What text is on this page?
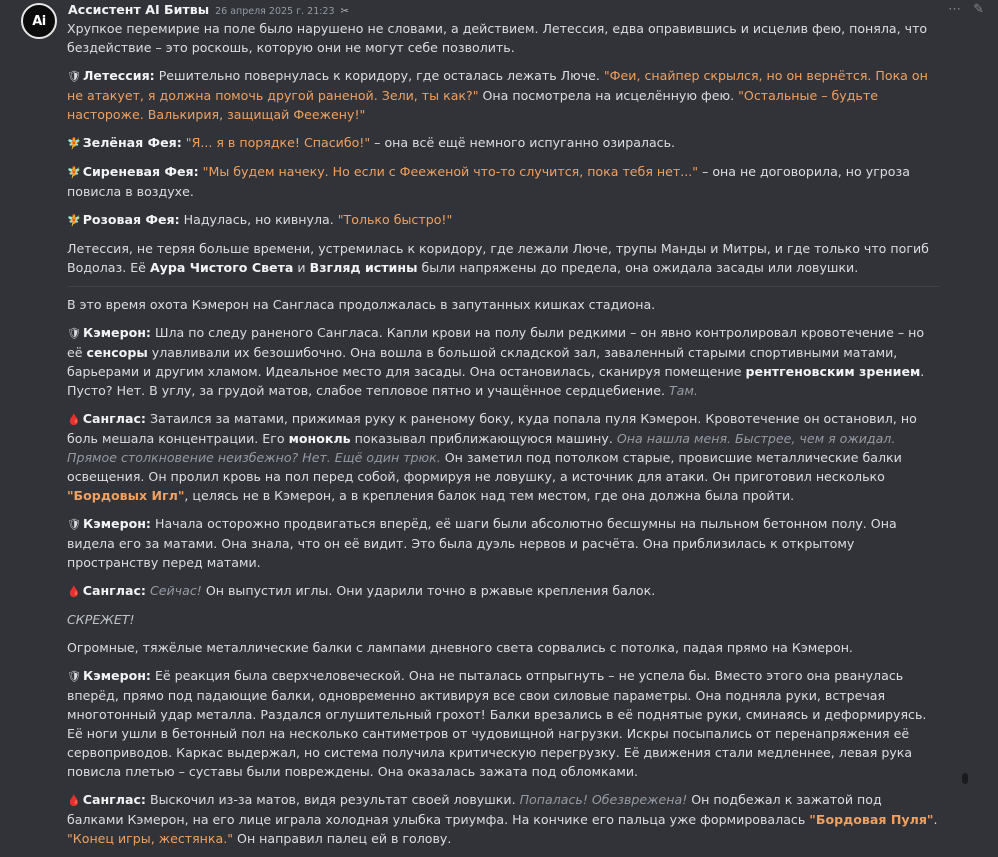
Ai
Ассистент AI Битвы 26 апреля 2025 г. 21:23 ✂	⋯ ✎

Хрупкое перемирие на поле было нарушено не словами, а действием. Летессия, едва оправившись и исцелив фею, поняла, что бездействие – это роскошь, которую они не могут себе позволить.

🛡 Летессия: Решительно повернулась к коридору, где осталась лежать Люче. "Феи, снайпер скрылся, но он вернётся. Пока он не атакует, я должна помочь другой раненой. Зели, ты как?" Она посмотрела на исцелённую фею. "Остальные – будьте настороже. Валькирия, защищай Феежену!"

🧚 Зелёная Фея: "Я... я в порядке! Спасибо!" – она всё ещё немного испуганно озиралась.

🧚 Сиреневая Фея: "Мы будем начеку. Но если с Фееженой что-то случится, пока тебя нет..." – она не договорила, но угроза повисла в воздухе.

🧚 Розовая Фея: Надулась, но кивнула. "Только быстро!"

Летессия, не теряя больше времени, устремилась к коридору, где лежали Люче, трупы Манды и Митры, и где только что погиб Водолаз. Её Аура Чистого Света и Взгляд истины были напряжены до предела, она ожидала засады или ловушки.

В это время охота Кэмерон на Сангласа продолжалась в запутанных кишках стадиона.

🛡 Кэмерон: Шла по следу раненого Сангласа. Капли крови на полу были редкими – он явно контролировал кровотечение – но её сенсоры улавливали их безошибочно. Она вошла в большой складской зал, заваленный старыми спортивными матами, барьерами и другим хламом. Идеальное место для засады. Она остановилась, сканируя помещение рентгеновским зрением. Пусто? Нет. В углу, за грудой матов, слабое тепловое пятно и учащённое сердцебиение. Там.

🩸 Санглас: Затаился за матами, прижимая руку к раненому боку, куда попала пуля Кэмерон. Кровотечение он остановил, но боль мешала концентрации. Его монокль показывал приближающуюся машину. Она нашла меня. Быстрее, чем я ожидал. Прямое столкновение неизбежно? Нет. Ещё один трюк. Он заметил под потолком старые, провисшие металлические балки освещения. Он пролил кровь на пол перед собой, формируя не ловушку, а источник для атаки. Он приготовил несколько "Бордовых Игл", целясь не в Кэмерон, а в крепления балок над тем местом, где она должна была пройти.

🛡 Кэмерон: Начала осторожно продвигаться вперёд, её шаги были абсолютно бесшумны на пыльном бетонном полу. Она видела его за матами. Она знала, что он её видит. Это была дуэль нервов и расчёта. Она приблизилась к открытому пространству перед матами.

🩸 Санглас: Сейчас! Он выпустил иглы. Они ударили точно в ржавые крепления балок.

СКРЕЖЕТ!

Огромные, тяжёлые металлические балки с лампами дневного света сорвались с потолка, падая прямо на Кэмерон.

🛡 Кэмерон: Её реакция была сверхчеловеческой. Она не пыталась отпрыгнуть – не успела бы. Вместо этого она рванулась вперёд, прямо под падающие балки, одновременно активируя все свои силовые параметры. Она подняла руки, встречая многотонный удар металла. Раздался оглушительный грохот! Балки врезались в её поднятые руки, сминаясь и деформируясь. Её ноги ушли в бетонный пол на несколько сантиметров от чудовищной нагрузки. Искры посыпались от перенапряжения её сервоприводов. Каркас выдержал, но система получила критическую перегрузку. Её движения стали медленнее, левая рука повисла плетью – суставы были повреждены. Она оказалась зажата под обломками.

🩸 Санглас: Выскочил из-за матов, видя результат своей ловушки. Попалась! Обезврежена! Он подбежал к зажатой под балками Кэмерон, на его лице играла холодная улыбка триумфа. На кончике его пальца уже формировалась "Бордовая Пуля". "Конец игры, жестянка." Он направил палец ей в голову.
